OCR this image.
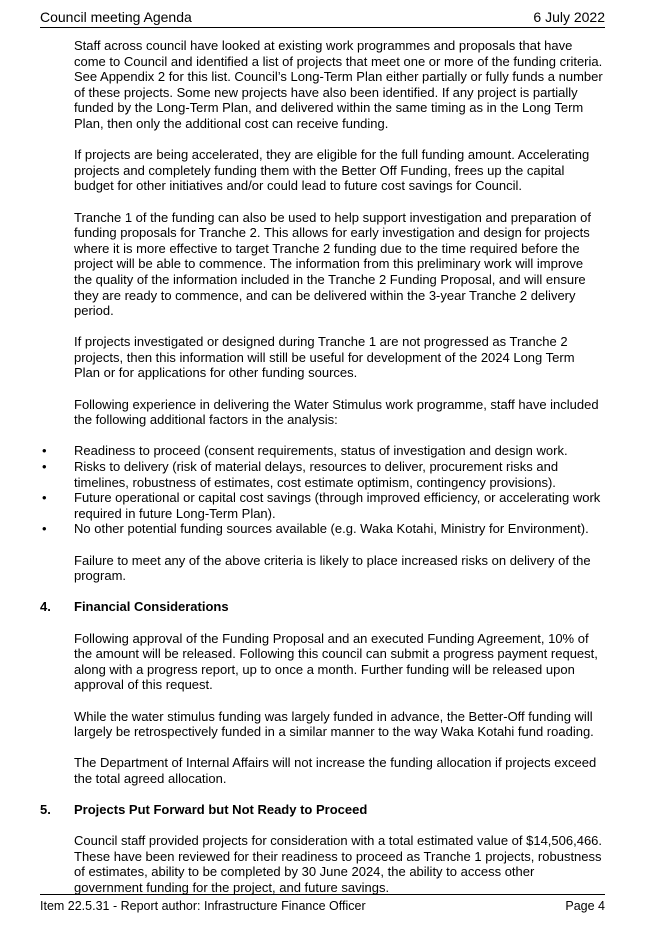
Council meeting Agenda	6 July 2022

Staff across council have looked at existing work programmes and proposals that have come to Council and identified a list of projects that meet one or more of the funding criteria. See Appendix 2 for this list. Council’s Long-Term Plan either partially or fully funds a number of these projects. Some new projects have also been identified. If any project is partially funded by the Long-Term Plan, and delivered within the same timing as in the Long Term Plan, then only the additional cost can receive funding.

If projects are being accelerated, they are eligible for the full funding amount. Accelerating projects and completely funding them with the Better Off Funding, frees up the capital budget for other initiatives and/or could lead to future cost savings for Council.

Tranche 1 of the funding can also be used to help support investigation and preparation of funding proposals for Tranche 2. This allows for early investigation and design for projects where it is more effective to target Tranche 2 funding due to the time required before the project will be able to commence. The information from this preliminary work will improve the quality of the information included in the Tranche 2 Funding Proposal, and will ensure they are ready to commence, and can be delivered within the 3-year Tranche 2 delivery period.

If projects investigated or designed during Tranche 1 are not progressed as Tranche 2 projects, then this information will still be useful for development of the 2024 Long Term Plan or for applications for other funding sources.

Following experience in delivering the Water Stimulus work programme, staff have included the following additional factors in the analysis:

• Readiness to proceed (consent requirements, status of investigation and design work.
• Risks to delivery (risk of material delays, resources to deliver, procurement risks and timelines, robustness of estimates, cost estimate optimism, contingency provisions).
• Future operational or capital cost savings (through improved efficiency, or accelerating work required in future Long-Term Plan).
• No other potential funding sources available (e.g. Waka Kotahi, Ministry for Environment).

Failure to meet any of the above criteria is likely to place increased risks on delivery of the program.

4. Financial Considerations

Following approval of the Funding Proposal and an executed Funding Agreement, 10% of the amount will be released. Following this council can submit a progress payment request, along with a progress report, up to once a month. Further funding will be released upon approval of this request.

While the water stimulus funding was largely funded in advance, the Better-Off funding will largely be retrospectively funded in a similar manner to the way Waka Kotahi fund roading.

The Department of Internal Affairs will not increase the funding allocation if projects exceed the total agreed allocation.

5. Projects Put Forward but Not Ready to Proceed

Council staff provided projects for consideration with a total estimated value of $14,506,466. These have been reviewed for their readiness to proceed as Tranche 1 projects, robustness of estimates, ability to be completed by 30 June 2024, the ability to access other government funding for the project, and future savings.

Item 22.5.31 - Report author: Infrastructure Finance Officer	Page 4
